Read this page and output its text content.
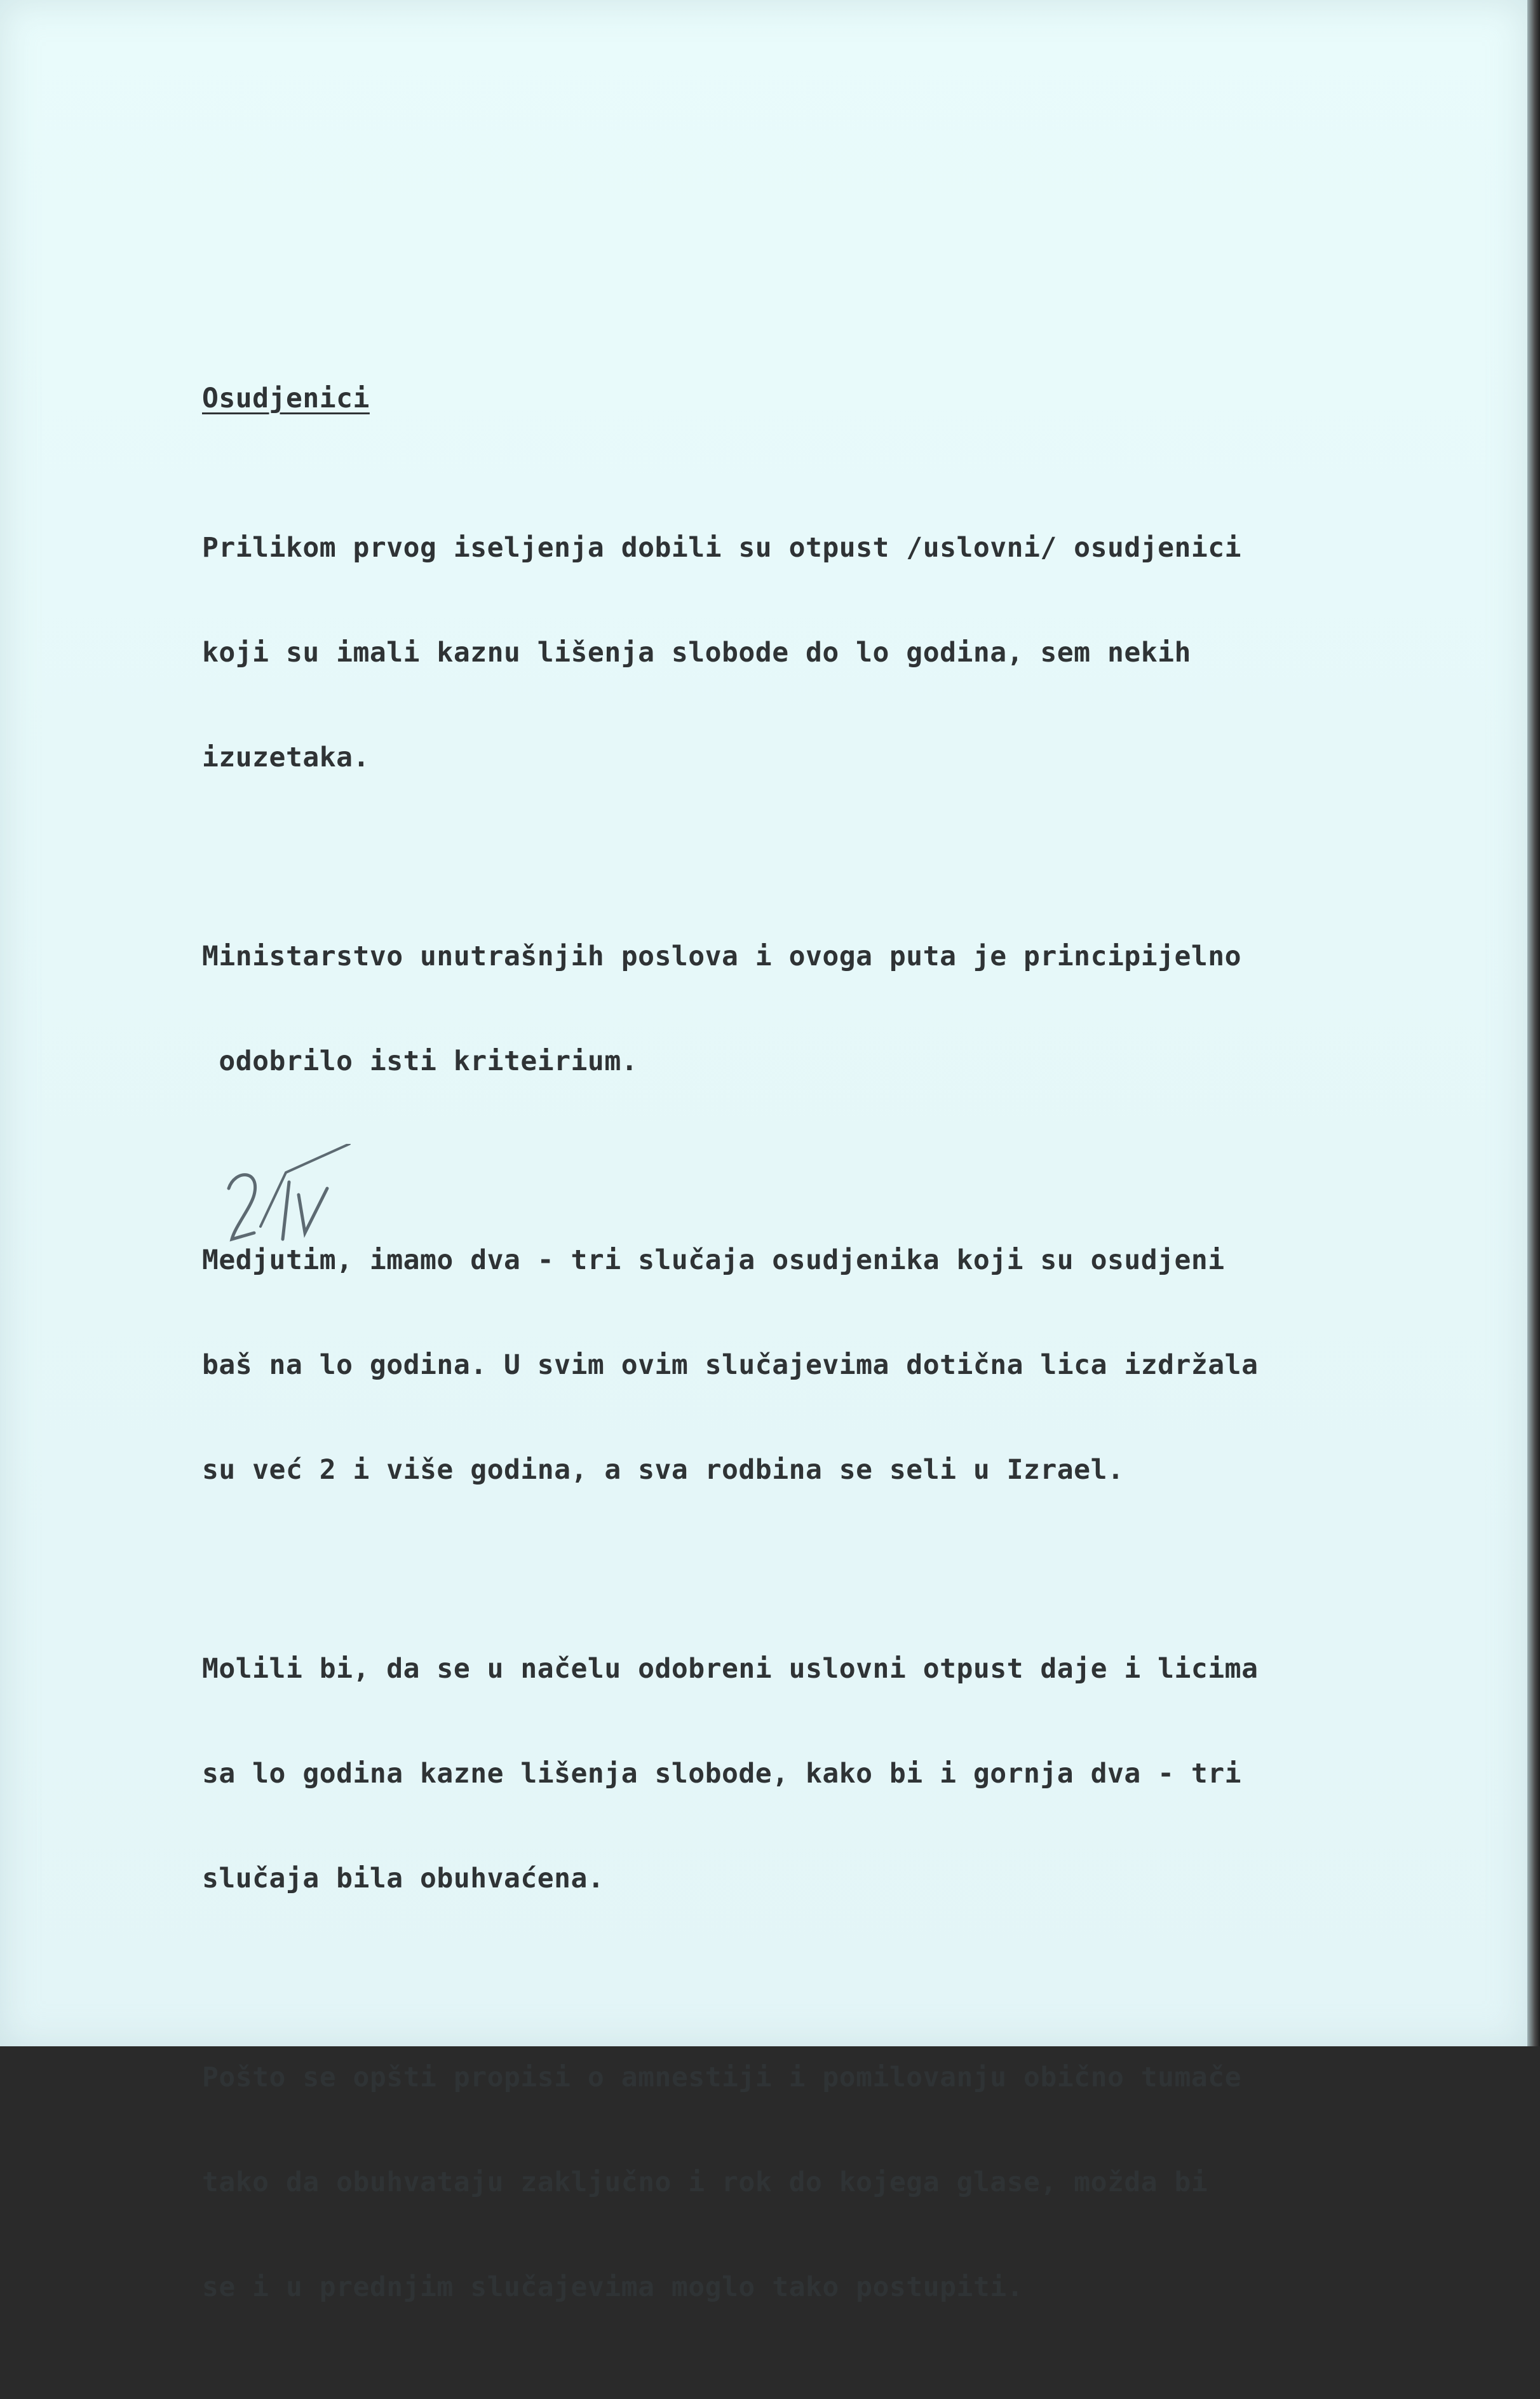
Osudjenici

Prilikom prvog iseljenja dobili su otpust /uslovni/ osudjenici

koji su imali kaznu lišenja slobode do lo godina, sem nekih

izuzetaka.

Ministarstvo unutrašnjih poslova i ovoga puta je principijelno

odobrilo isti kriteirium.

Medjutim, imamo dva - tri slučaja osudjenika koji su osudjeni

baš na lo godina. U svim ovim slučajevima dotična lica izdržala

su već 2 i više godina, a sva rodbina se seli u Izrael.

Molili bi, da se u načelu odobreni uslovni otpust daje i licima

sa lo godina kazne lišenja slobode, kako bi i gornja dva - tri

slučaja bila obuhvaćena.

Pošto se opšti propisi o amnestiji i pomilovanju obično tumače

tako da obuhvataju zaključno i rok do kojega glase, možda bi

se i u prednjim slučajevima moglo tako postupiti.
